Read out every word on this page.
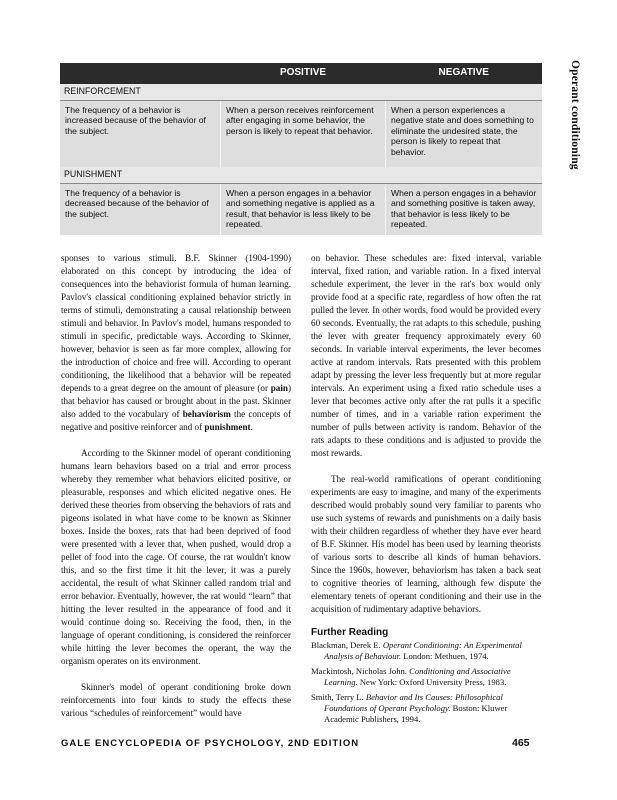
Operant conditioning
	POSITIVE	NEGATIVE
REINFORCEMENT		
The frequency of a behavior is increased because of the behavior of the subject.	When a person receives reinforcement after engaging in some behavior, the person is likely to repeat that behavior.	When a person experiences a negative state and does something to eliminate the undesired state, the person is likely to repeat that behavior.
PUNISHMENT		
The frequency of a behavior is decreased because of the behavior of the subject.	When a person engages in a behavior and something negative is applied as a result, that behavior is less likely to be repeated.	When a person engages in a behavior and something positive is taken away, that behavior is less likely to be repeated.

sponses to various stimuli. B.F. Skinner (1904-1990) elaborated on this concept by introducing the idea of consequences into the behaviorist formula of human learning. Pavlov's classical conditioning explained behavior strictly in terms of stimuli, demonstrating a causal relationship between stimuli and behavior. In Pavlov's model, humans responded to stimuli in specific, predictable ways. According to Skinner, however, behavior is seen as far more complex, allowing for the introduction of choice and free will. According to operant conditioning, the likelihood that a behavior will be repeated depends to a great degree on the amount of pleasure (or pain) that behavior has caused or brought about in the past. Skinner also added to the vocabulary of behaviorism the concepts of negative and positive reinforcer and of punishment.

According to the Skinner model of operant conditioning humans learn behaviors based on a trial and error process whereby they remember what behaviors elicited positive, or pleasurable, responses and which elicited negative ones. He derived these theories from observing the behaviors of rats and pigeons isolated in what have come to be known as Skinner boxes. Inside the boxes, rats that had been deprived of food were presented with a lever that, when pushed, would drop a pellet of food into the cage. Of course, the rat wouldn't know this, and so the first time it hit the lever, it was a purely accidental, the result of what Skinner called random trial and error behavior. Eventually, however, the rat would “learn” that hitting the lever resulted in the appearance of food and it would continue doing so. Receiving the food, then, in the language of operant conditioning, is considered the reinforcer while hitting the lever becomes the operant, the way the organism operates on its environment.

Skinner's model of operant conditioning broke down reinforcements into four kinds to study the effects these various “schedules of reinforcement” would have

on behavior. These schedules are: fixed interval, variable interval, fixed ration, and variable ration. In a fixed interval schedule experiment, the lever in the rat's box would only provide food at a specific rate, regardless of how often the rat pulled the lever. In other words, food would be provided every 60 seconds. Eventually, the rat adapts to this schedule, pushing the lever with greater frequency approximately every 60 seconds. In variable interval experiments, the lever becomes active at random intervals. Rats presented with this problem adapt by pressing the lever less frequently but at more regular intervals. An experiment using a fixed ratio schedule uses a lever that becomes active only after the rat pulls it a specific number of times, and in a variable ration experiment the number of pulls between activity is random. Behavior of the rats adapts to these conditions and is adjusted to provide the most rewards.

The real-world ramifications of operant conditioning experiments are easy to imagine, and many of the experiments described would probably sound very familiar to parents who use such systems of rewards and punishments on a daily basis with their children regardless of whether they have ever heard of B.F. Skinner. His model has been used by learning theorists of various sorts to describe all kinds of human behaviors. Since the 1960s, however, behaviorism has taken a back seat to cognitive theories of learning, although few dispute the elementary tenets of operant conditioning and their use in the acquisition of rudimentary adaptive behaviors.

Further Reading

Blackman, Derek E. Operant Conditioning: An Experimental Analysis of Behaviour. London: Methuen, 1974.

Mackintosh, Nicholas John. Conditioning and Associative Learning. New York: Oxford University Press, 1983.

Smith, Terry L. Behavior and Its Causes: Philosophical Foundations of Operant Psychology. Boston: Kluwer Academic Publishers, 1994.

GALE ENCYCLOPEDIA OF PSYCHOLOGY, 2ND EDITION	465
